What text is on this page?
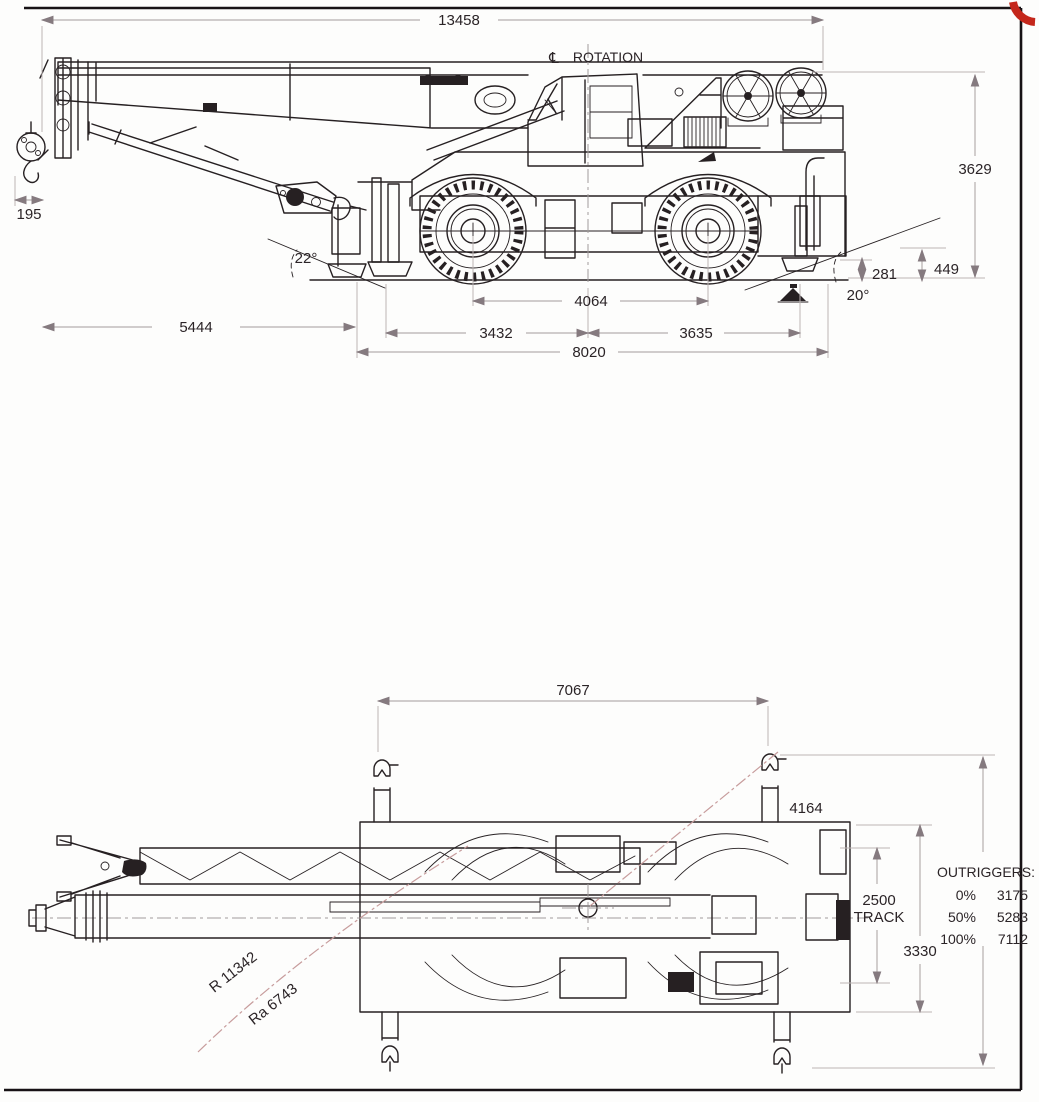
13458
3629
195
5444
22°
4064
3432	3635
8020
281 449
20°
℄ ROTATION
7067
4164
2500
TRACK
3330
R 11342
Ra 6743
OUTRIGGERS:
0% 3175
50% 5283
100% 7112
